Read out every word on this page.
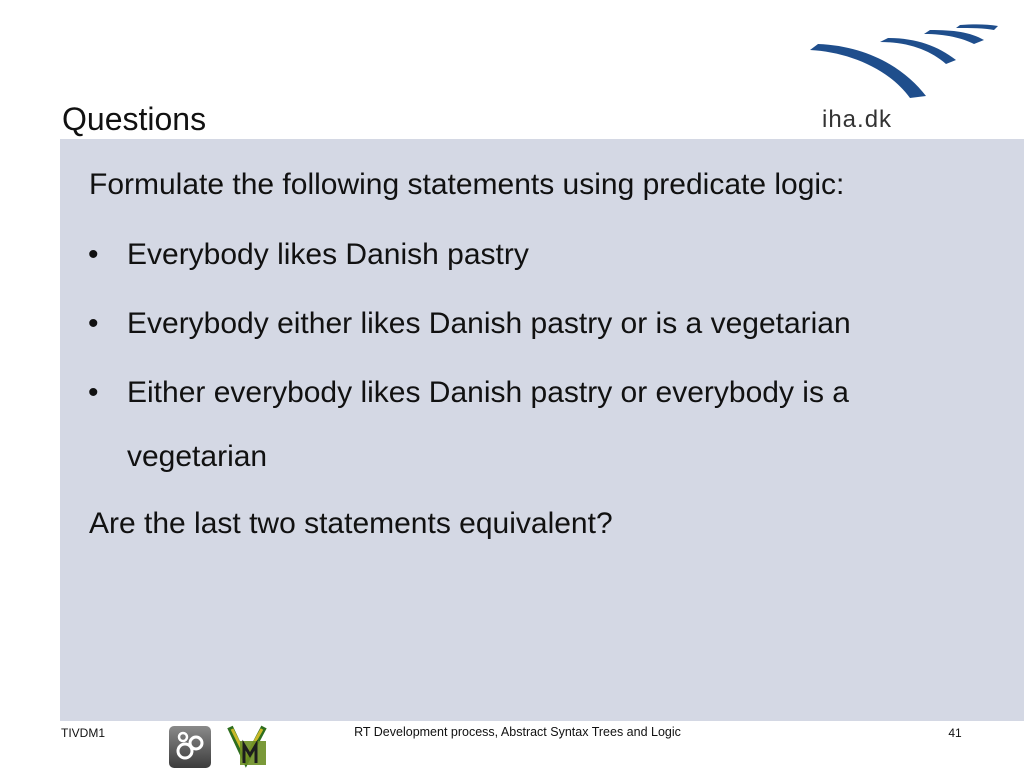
Questions	iha.dk
Formulate the following statements using predicate logic:
• Everybody likes Danish pastry
• Everybody either likes Danish pastry or is a vegetarian
• Either everybody likes Danish pastry or everybody is a vegetarian
Are the last two statements equivalent?
TIVDM1	RT Development process, Abstract Syntax Trees and Logic	41
